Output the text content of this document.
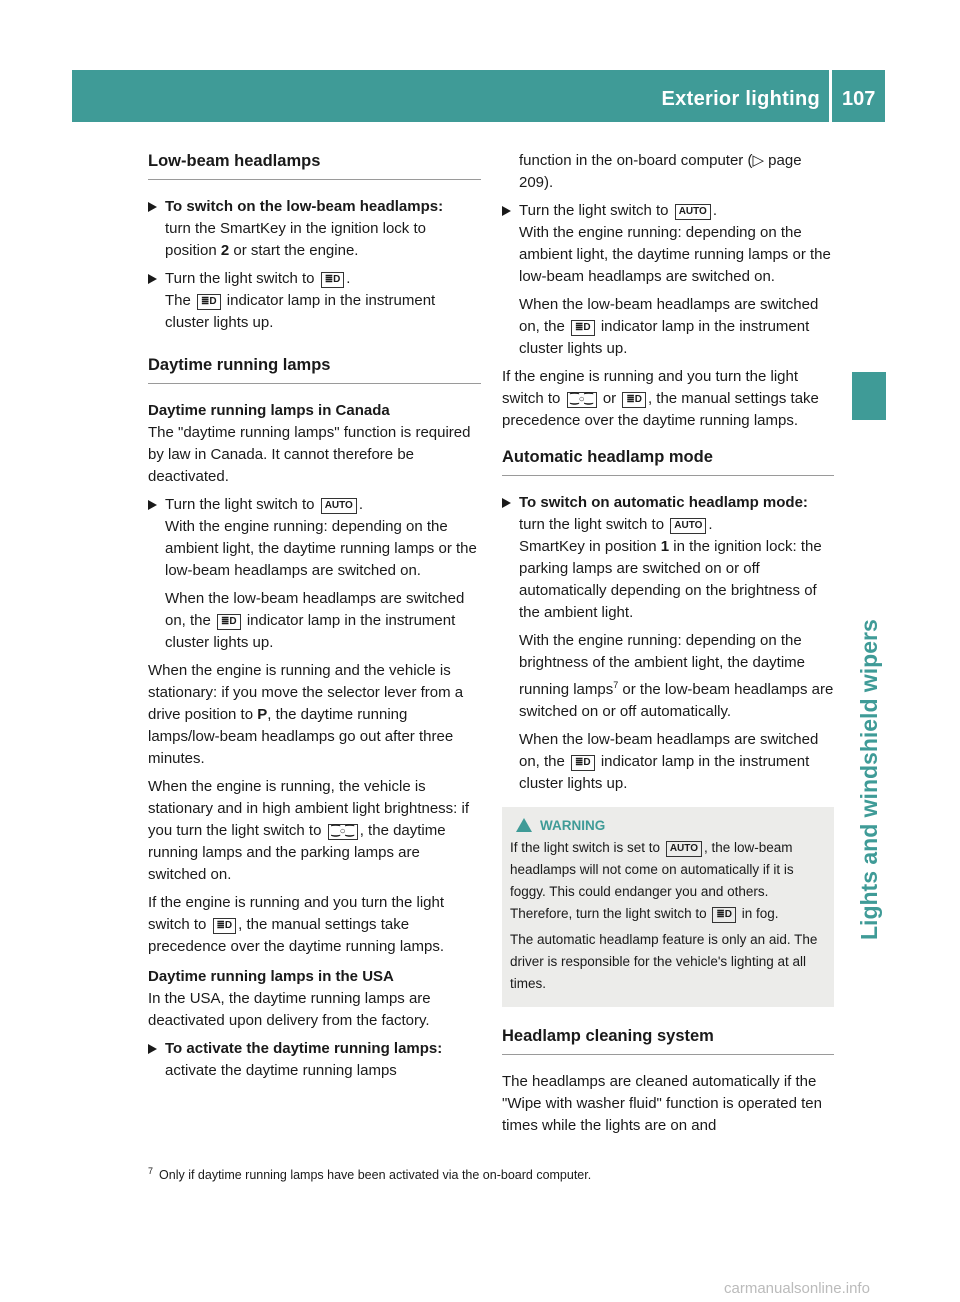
Exterior lighting 107
Lights and windshield wipers
Low-beam headlamps
To switch on the low-beam headlamps:
turn the SmartKey in the ignition lock to position 2 or start the engine.
Turn the light switch to ≣D .
The ≣D indicator lamp in the instrument cluster lights up.
Daytime running lamps

Daytime running lamps in Canada

The "daytime running lamps" function is required by law in Canada. It cannot therefore be deactivated.

Turn the light switch to AUTO .
With the engine running: depending on the ambient light, the daytime running lamps or the low-beam headlamps are switched on.

When the low-beam headlamps are switched on, the ≣D indicator lamp in the instrument cluster lights up.

When the engine is running and the vehicle is stationary: if you move the selector lever from a drive position to P, the daytime running lamps/low-beam headlamps go out after three minutes.

When the engine is running, the vehicle is stationary and in high ambient light brightness: if you turn the light switch to ⁐○⁐ , the daytime running lamps and the parking lamps are switched on.

If the engine is running and you turn the light switch to ≣D , the manual settings take precedence over the daytime running lamps.

Daytime running lamps in the USA

In the USA, the daytime running lamps are deactivated upon delivery from the factory.

To activate the daytime running lamps: activate the daytime running lamps

function in the on-board computer (▷ page 209).

Turn the light switch to AUTO .
With the engine running: depending on the ambient light, the daytime running lamps or the low-beam headlamps are switched on.

When the low-beam headlamps are switched on, the ≣D indicator lamp in the instrument cluster lights up.

If the engine is running and you turn the light switch to ⁐○⁐ or ≣D , the manual settings take precedence over the daytime running lamps.

Automatic headlamp mode
To switch on automatic headlamp mode: turn the light switch to AUTO .
SmartKey in position 1 in the ignition lock: the parking lamps are switched on or off automatically depending on the brightness of the ambient light.

With the engine running: depending on the brightness of the ambient light, the daytime running lamps$^7$ or the low-beam headlamps are switched on or off automatically.

When the low-beam headlamps are switched on, the ≣D indicator lamp in the instrument cluster lights up.

WARNING

If the light switch is set to AUTO , the low-beam headlamps will not come on automatically if it is foggy. This could endanger you and others. Therefore, turn the light switch to ≣D in fog.

The automatic headlamp feature is only an aid. The driver is responsible for the vehicle's lighting at all times.

Headlamp cleaning system

The headlamps are cleaned automatically if the "Wipe with washer fluid" function is operated ten times while the lights are on and

$^7$ Only if daytime running lamps have been activated via the on-board computer.
carmanualsonline.info
